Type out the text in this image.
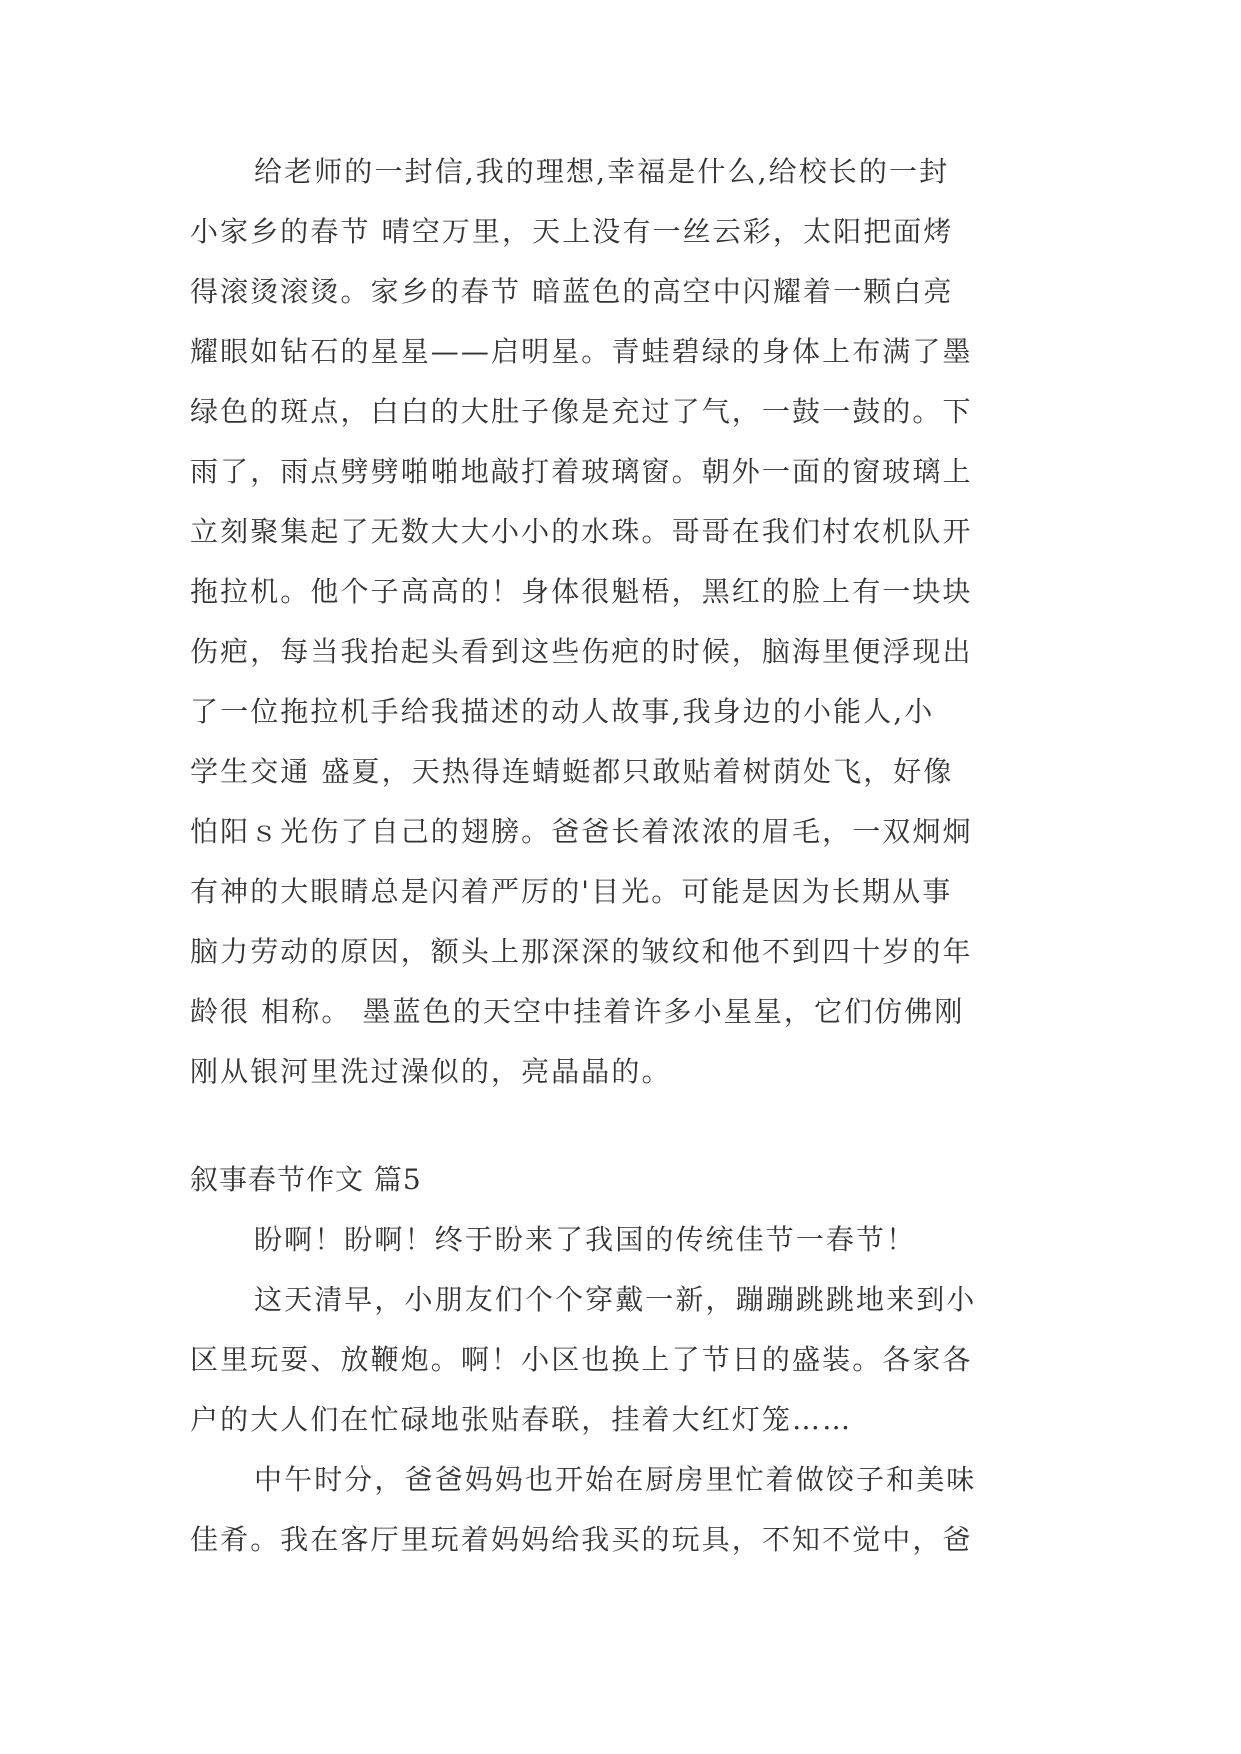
给老师的一封信,我的理想,幸福是什么,给校长的一封
小家乡的春节 晴空万里，天上没有一丝云彩，太阳把面烤
得滚烫滚烫。家乡的春节 暗蓝色的高空中闪耀着一颗白亮
耀眼如钻石的星星——启明星。青蛙碧绿的身体上布满了墨
绿色的斑点，白白的大肚子像是充过了气，一鼓一鼓的。下
雨了，雨点劈劈啪啪地敲打着玻璃窗。朝外一面的窗玻璃上
立刻聚集起了无数大大小小的水珠。哥哥在我们村农机队开
拖拉机。他个子高高的！身体很魁梧，黑红的脸上有一块块
伤疤，每当我抬起头看到这些伤疤的时候，脑海里便浮现出
了一位拖拉机手给我描述的动人故事,我身边的小能人,小
学生交通 盛夏，天热得连蜻蜓都只敢贴着树荫处飞，好像
怕阳ｓ光伤了自己的翅膀。爸爸长着浓浓的眉毛，一双炯炯
有神的大眼睛总是闪着严厉的'目光。可能是因为长期从事
脑力劳动的原因，额头上那深深的皱纹和他不到四十岁的年
龄很 相称。 墨蓝色的天空中挂着许多小星星，它们仿佛刚
刚从银河里洗过澡似的，亮晶晶的。
叙事春节作文 篇5
盼啊！盼啊！终于盼来了我国的传统佳节一春节！
这天清早，小朋友们个个穿戴一新，蹦蹦跳跳地来到小
区里玩耍、放鞭炮。啊！小区也换上了节日的盛装。各家各
户的大人们在忙碌地张贴春联，挂着大红灯笼……
中午时分，爸爸妈妈也开始在厨房里忙着做饺子和美味
佳肴。我在客厅里玩着妈妈给我买的玩具，不知不觉中，爸
